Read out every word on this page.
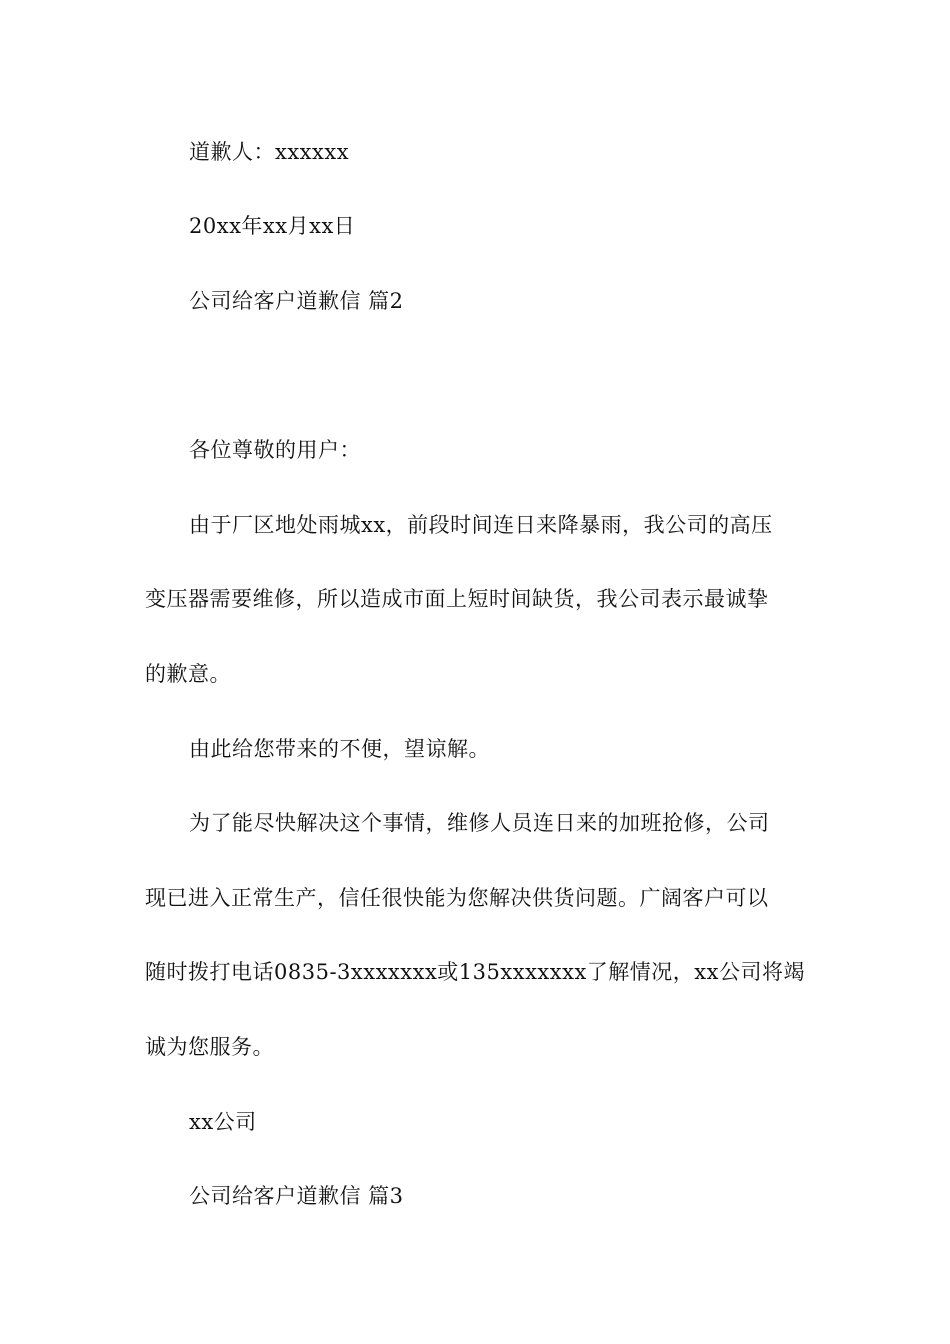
道歉人：xxxxxx
20xx年xx月xx日
公司给客户道歉信 篇2
各位尊敬的用户：
由于厂区地处雨城xx，前段时间连日来降暴雨，我公司的高压
变压器需要维修，所以造成市面上短时间缺货，我公司表示最诚挚
的歉意。
由此给您带来的不便，望谅解。
为了能尽快解决这个事情，维修人员连日来的加班抢修，公司
现已进入正常生产，信任很快能为您解决供货问题。广阔客户可以
随时拨打电话0835-3xxxxxxx或135xxxxxxx了解情况，xx公司将竭
诚为您服务。
xx公司
公司给客户道歉信 篇3
